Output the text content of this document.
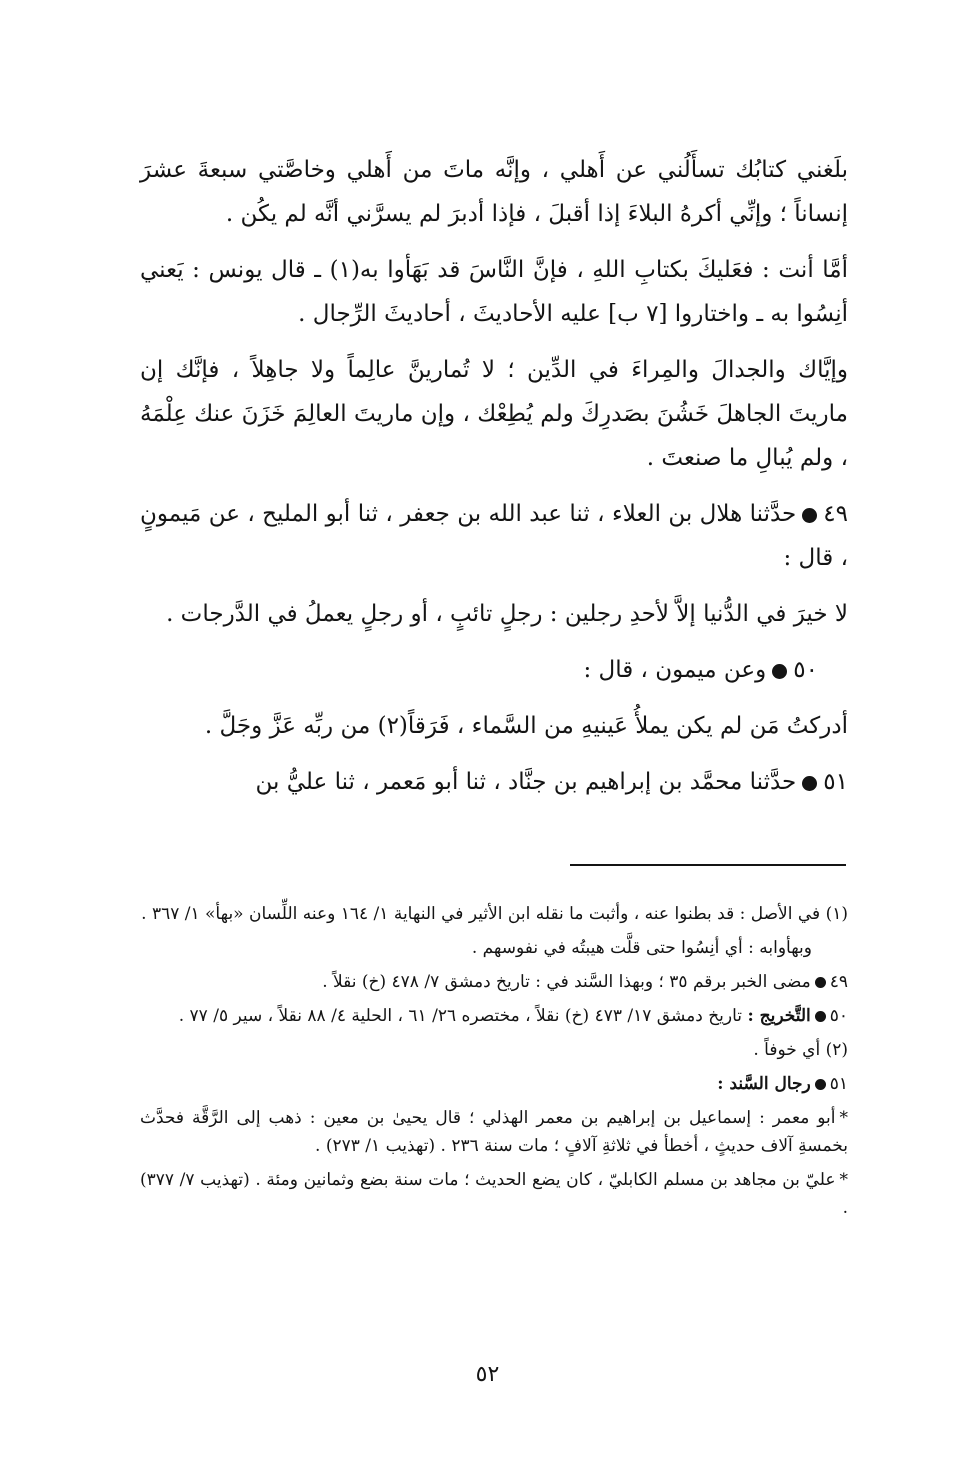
بلَغني كتابُك تسأَلُني عن أَهلي ، وإنَّه ماتَ من أَهلي وخاصَّتي سبعةَ عشرَ إنساناً ؛ وإنِّي أكرهُ البلاءَ إذا أقبلَ ، فإذا أدبرَ لم يسرَّني أنَّه لم يكُن .

أمَّا أنت : فعَليكَ بكتابِ اللهِ ، فإنَّ النَّاسَ قد بَهَأوا به(١) ـ قال يونس : يَعني أنِسُوا به ـ واختاروا [٧ ب] عليه الأحاديثَ ، أحاديثَ الرِّجال .

وإيَّاك والجدالَ والمِراءَ في الدِّين ؛ لا تُمارينَّ عالِماً ولا جاهِلاً ، فإنَّك إن ماريتَ الجاهلَ خَشُنَ بصَدرِكَ ولم يُطِعْك ، وإن ماريتَ العالِمَ خَزَنَ عنك عِلْمَهُ ، ولم يُبالِ ما صنعتَ .

٤٩حدَّثنا هلال بن العلاء ، ثنا عبد الله بن جعفر ، ثنا أبو المليح ، عن مَيمونٍ ، قال :

لا خيرَ في الدُّنيا إلاَّ لأحدِ رجلين : رجلٍ تائبٍ ، أو رجلٍ يعملُ في الدَّرجات .

٥٠وعن ميمون ، قال :

أدركتُ مَن لم يكن يملأُ عَينيهِ من السَّماء ، فَرَقاً(٢) من ربِّه عَزَّ وجَلَّ .

٥١حدَّثنا محمَّد بن إبراهيم بن جنَّاد ، ثنا أبو مَعمر ، ثنا عليُّ بن

(١) في الأصل : قد بطنوا عنه ، وأثبت ما نقله ابن الأثير في النهاية ١/ ١٦٤ وعنه اللِّسان «بهأ» ١/ ٣٦٧ .

وبهأوابه : أي أنِسُوا حتى قلَّت هيبتُه في نفوسهم .

٤٩مضى الخبر برقم ٣٥ ؛ وبهذا السَّند في : تاريخ دمشق ٧/ ٤٧٨ (خ) نقلاً .

٥٠التَّخريج : تاريخ دمشق ١٧/ ٤٧٣ (خ) نقلاً ، مختصره ٢٦/ ٦١ ، الحلية ٤/ ٨٨ نقلاً ، سير ٥/ ٧٧ .

(٢) أي خوفاً .

٥١رجال السَّند :

*أبو معمر : إسماعيل بن إبراهيم بن معمر الهذلي ؛ قال يحيىٰ بن معين : ذهب إلى الرَّقَّة فحدَّث بخمسةِ آلاف حديثٍ ، أخطأ في ثلاثةِ آلافٍ ؛ مات سنة ٢٣٦ . (تهذيب ١/ ٢٧٣) .

*عليّ بن مجاهد بن مسلم الكابليّ ، كان يضع الحديث ؛ مات سنة بضع وثمانين ومئة . (تهذيب ٧/ ٣٧٧) .

٥٢
